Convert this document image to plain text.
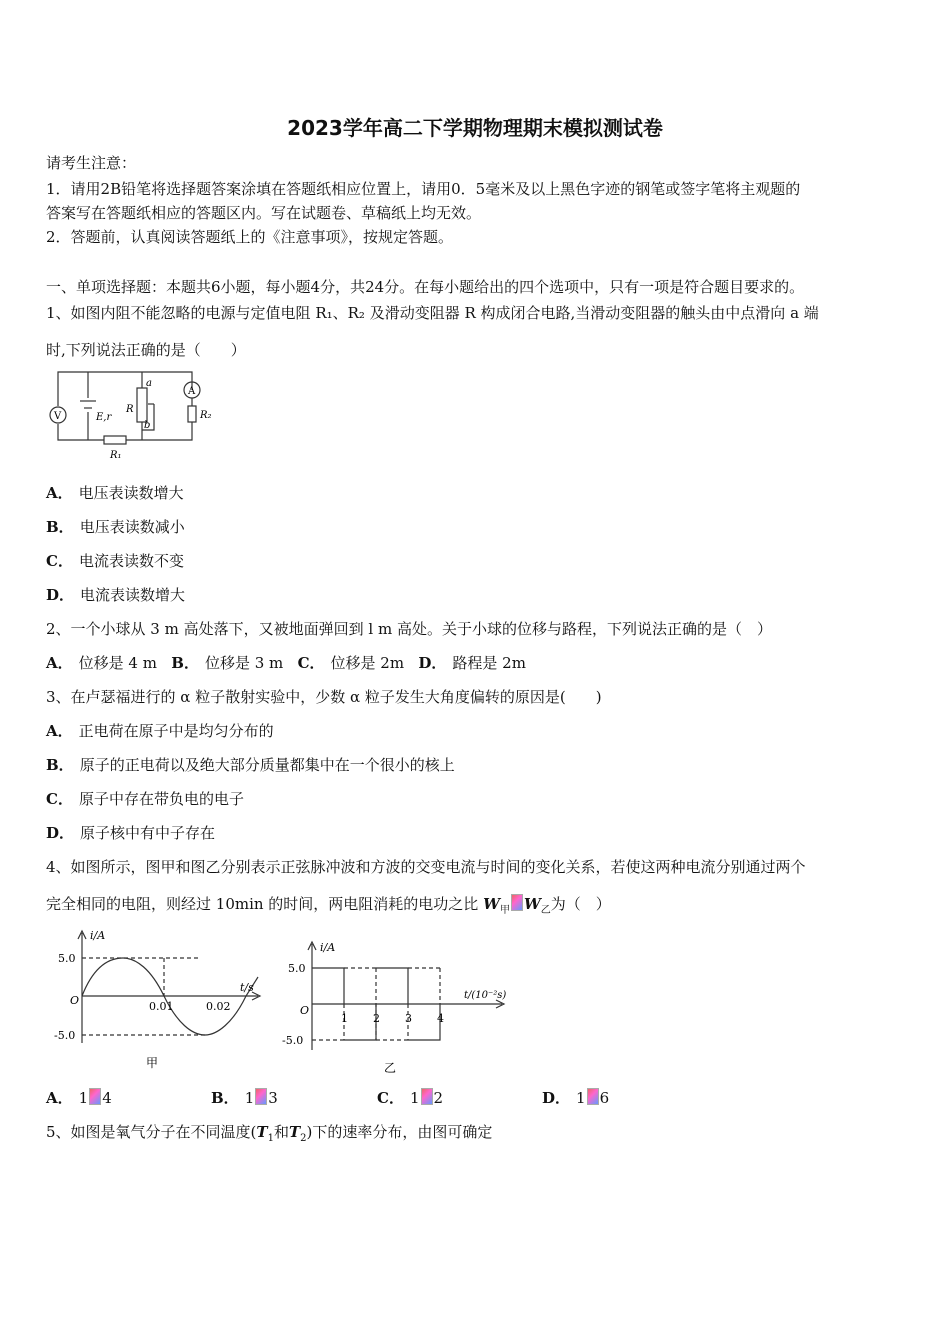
2023学年高二下学期物理期末模拟测试卷
请考生注意：
1．请用2B铅笔将选择题答案涂填在答题纸相应位置上，请用0．5毫米及以上黑色字迹的钢笔或签字笔将主观题的
答案写在答题纸相应的答题区内。写在试题卷、草稿纸上均无效。
2．答题前，认真阅读答题纸上的《注意事项》，按规定答题。
一、单项选择题：本题共6小题，每小题4分，共24分。在每小题给出的四个选项中，只有一项是符合题目要求的。
1、如图内阻不能忽略的电源与定值电阻 R₁、R₂ 及滑动变阻器 R 构成闭合电路,当滑动变阻器的触头由中点滑向 a 端
时,下列说法正确的是（　　）
V
A
E,r
R
a
b
R₁
R₂
A． 电压表读数增大
B． 电压表读数减小
C． 电流表读数不变
D． 电流表读数增大
2、一个小球从 3 m 高处落下，又被地面弹回到 l m 高处。关于小球的位移与路程，下列说法正确的是（　）
A． 位移是 4 m B． 位移是 3 m C． 位移是 2m D． 路程是 2m
3、在卢瑟福进行的 α 粒子散射实验中，少数 α 粒子发生大角度偏转的原因是(　　)
A． 正电荷在原子中是均匀分布的
B． 原子的正电荷以及绝大部分质量都集中在一个很小的核上
C． 原子中存在带负电的电子
D． 原子核中有中子存在
4、如图所示，图甲和图乙分别表示正弦脉冲波和方波的交变电流与时间的变化关系，若使这两种电流分别通过两个
完全相同的电阻，则经过 10min 的时间，两电阻消耗的电功之比 $W_甲$ $W_乙$为（　）
i/A
5.0
-5.0
O	0.01	0.02
t/s
甲
i/A
5.0
-5.0
O
1 2 3 4
t/(10⁻²s)
乙
A． 1 4	B． 1 3	C． 1 2	D． 1 6
5、如图是氧气分子在不同温度($T_1$和$T_2$)下的速率分布，由图可确定
